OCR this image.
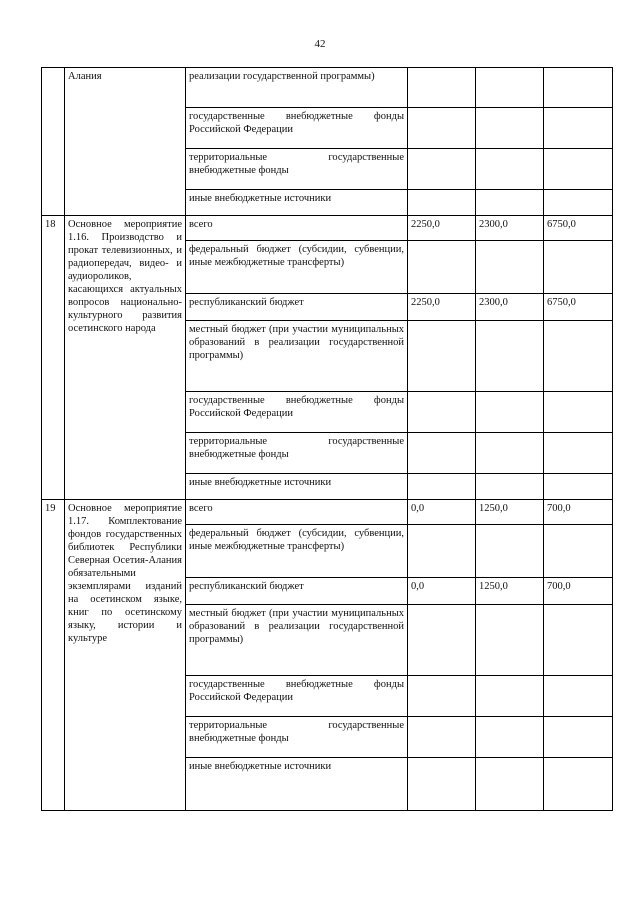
42
	Алания	реализации государственной программы)			
		государственные внебюджетные фонды Российской Федерации			
		территориальные государственные внебюджетные фонды			
		иные внебюджетные источники			
18	Основное мероприятие 1.16. Производство и прокат телевизионных, и радиопередач, видео- и аудиороликов, касающихся актуальных вопросов национально-культурного развития осетинского народа	всего	2250,0	2300,0	6750,0
		федеральный бюджет (субсидии, субвенции, иные межбюджетные трансферты)			
		республиканский бюджет	2250,0	2300,0	6750,0
		местный бюджет (при участии муниципальных образований в реализации государственной программы)			
		государственные внебюджетные фонды Российской Федерации			
		территориальные государственные внебюджетные фонды			
		иные внебюджетные источники			
19	Основное мероприятие 1.17. Комплектование фондов государственных библиотек Республики Северная Осетия-Алания обязательными экземплярами изданий на осетинском языке, книг по осетинскому языку, истории и культуре	всего	0,0	1250,0	700,0
		федеральный бюджет (субсидии, субвенции, иные межбюджетные трансферты)			
		республиканский бюджет	0,0	1250,0	700,0
		местный бюджет (при участии муниципальных образований в реализации государственной программы)			
		государственные внебюджетные фонды Российской Федерации			
		территориальные государственные внебюджетные фонды			
		иные внебюджетные источники			
